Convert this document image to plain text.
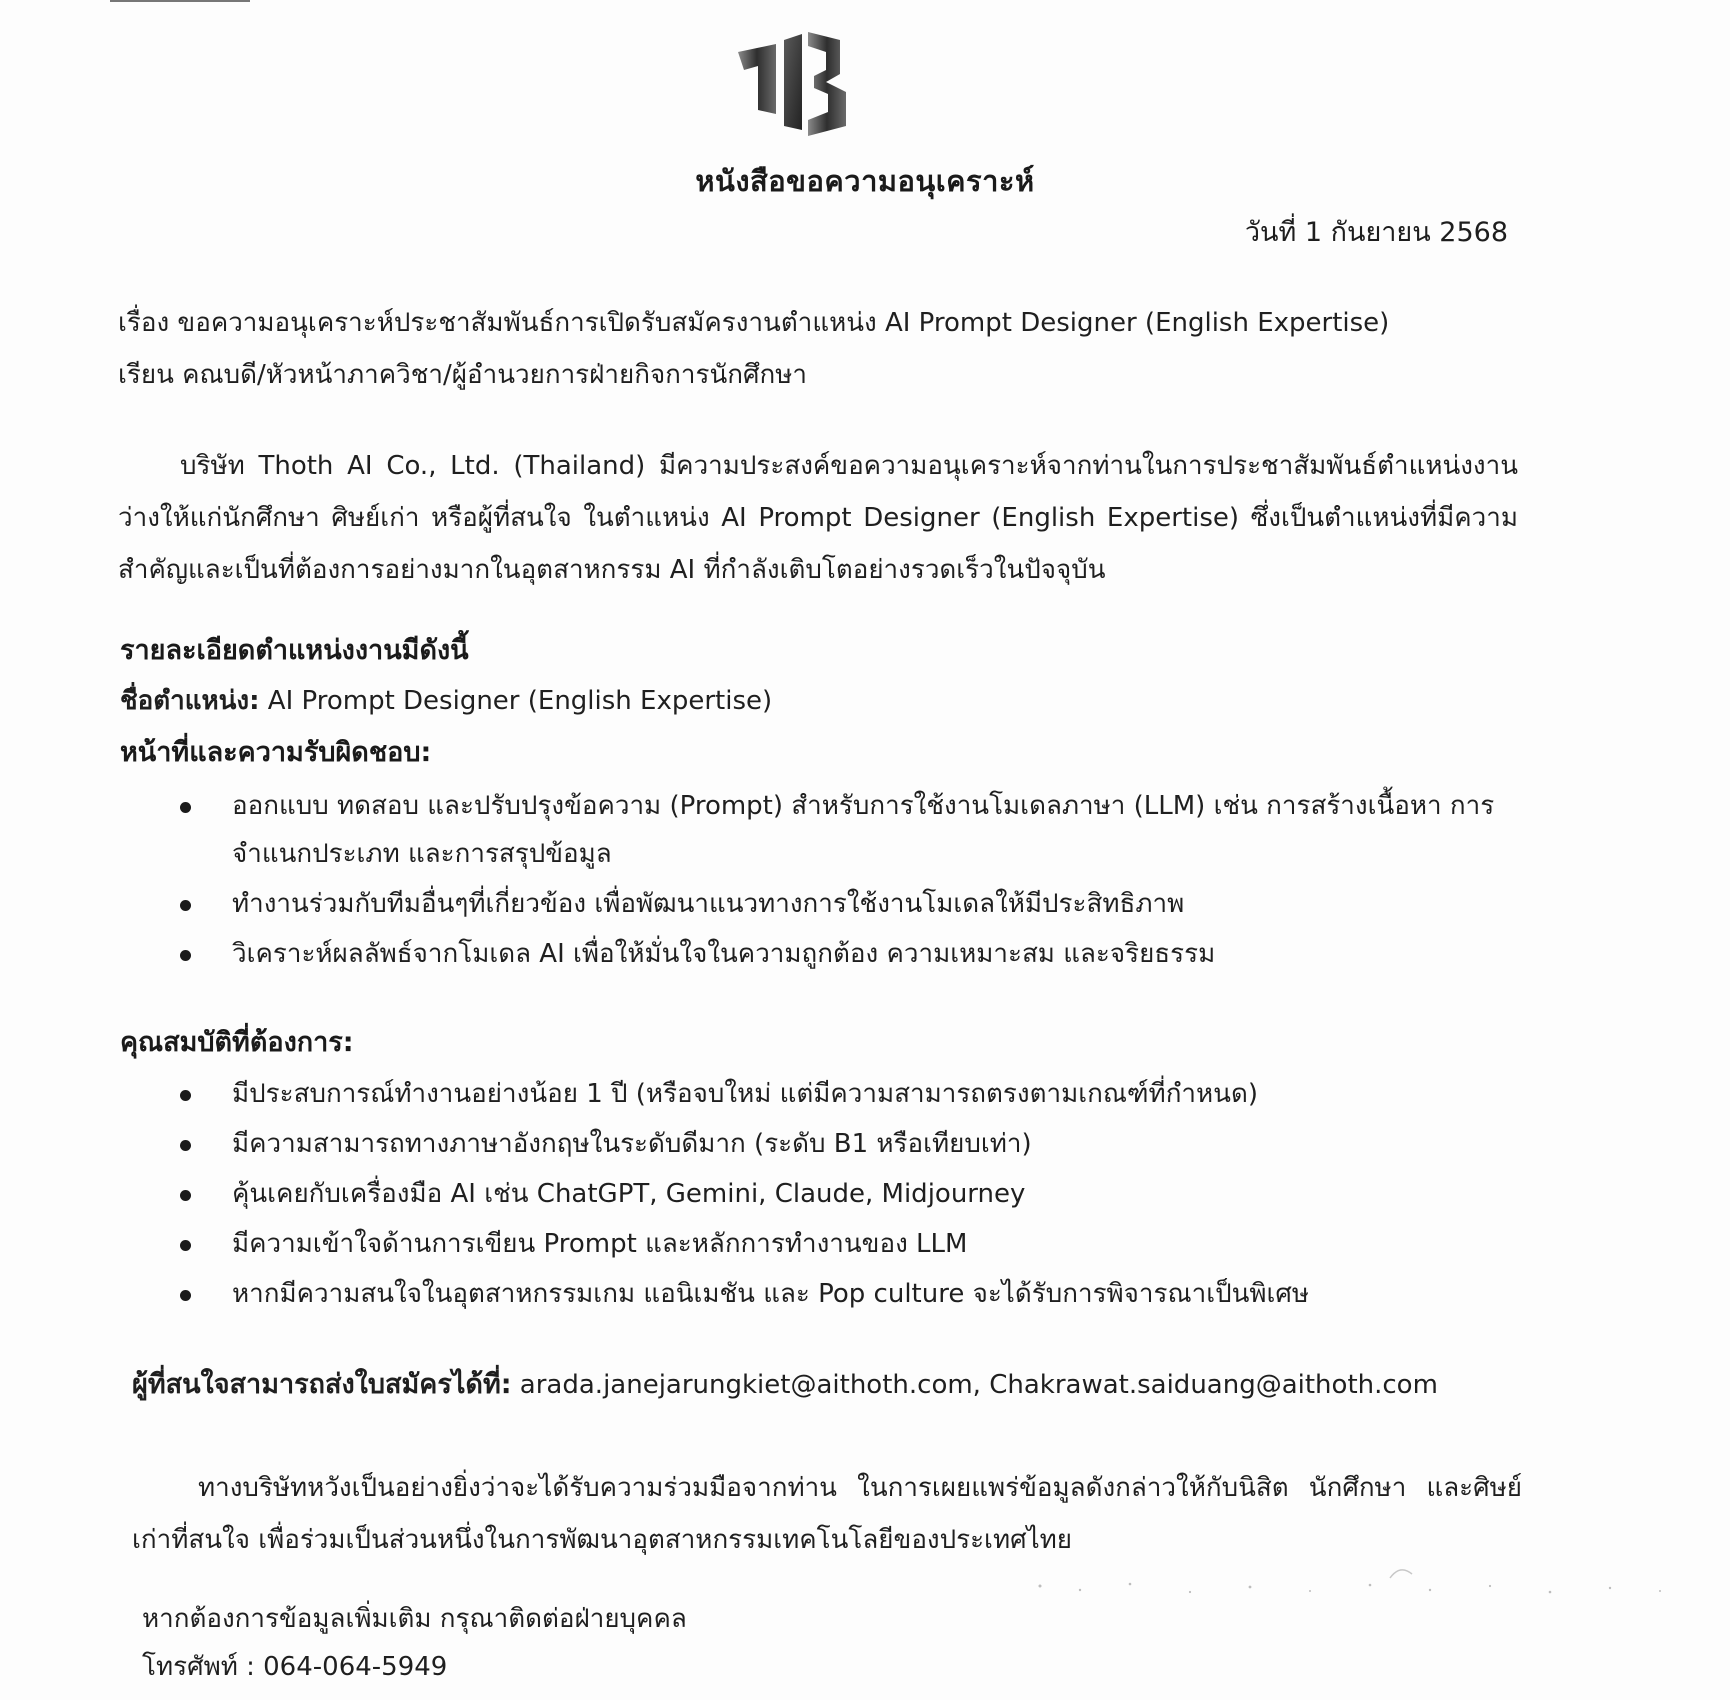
หนังสือขอความอนุเคราะห์
วันที่ 1 กันยายน 2568
เรื่อง ขอความอนุเคราะห์ประชาสัมพันธ์การเปิดรับสมัครงานตำแหน่ง AI Prompt Designer (English Expertise)
เรียน คณบดี/หัวหน้าภาควิชา/ผู้อำนวยการฝ่ายกิจการนักศึกษา

บริษัท Thoth AI Co., Ltd. (Thailand) มีความประสงค์ขอความอนุเคราะห์จากท่านในการประชาสัมพันธ์ตำแหน่งงานว่างให้แก่นักศึกษา ศิษย์เก่า หรือผู้ที่สนใจ ในตำแหน่ง AI Prompt Designer (English Expertise) ซึ่งเป็นตำแหน่งที่มีความสำคัญและเป็นที่ต้องการอย่างมากในอุตสาหกรรม AI ที่กำลังเติบโตอย่างรวดเร็วในปัจจุบัน

รายละเอียดตำแหน่งงานมีดังนี้
ชื่อตำแหน่ง: AI Prompt Designer (English Expertise)
หน้าที่และความรับผิดชอบ:
ออกแบบ ทดสอบ และปรับปรุงข้อความ (Prompt) สำหรับการใช้งานโมเดลภาษา (LLM) เช่น การสร้างเนื้อหา การจำแนกประเภท และการสรุปข้อมูล
ทำงานร่วมกับทีมอื่นๆที่เกี่ยวข้อง เพื่อพัฒนาแนวทางการใช้งานโมเดลให้มีประสิทธิภาพ
วิเคราะห์ผลลัพธ์จากโมเดล AI เพื่อให้มั่นใจในความถูกต้อง ความเหมาะสม และจริยธรรม
คุณสมบัติที่ต้องการ:
มีประสบการณ์ทำงานอย่างน้อย 1 ปี (หรือจบใหม่ แต่มีความสามารถตรงตามเกณฑ์ที่กำหนด)
มีความสามารถทางภาษาอังกฤษในระดับดีมาก (ระดับ B1 หรือเทียบเท่า)
คุ้นเคยกับเครื่องมือ AI เช่น ChatGPT, Gemini, Claude, Midjourney
มีความเข้าใจด้านการเขียน Prompt และหลักการทำงานของ LLM
หากมีความสนใจในอุตสาหกรรมเกม แอนิเมชัน และ Pop culture จะได้รับการพิจารณาเป็นพิเศษ
ผู้ที่สนใจสามารถส่งใบสมัครได้ที่: arada.janejarungkiet@aithoth.com, Chakrawat.saiduang@aithoth.com

ทางบริษัทหวังเป็นอย่างยิ่งว่าจะได้รับความร่วมมือจากท่าน ในการเผยแพร่ข้อมูลดังกล่าวให้กับนิสิต นักศึกษา และศิษย์เก่าที่สนใจ เพื่อร่วมเป็นส่วนหนึ่งในการพัฒนาอุตสาหกรรมเทคโนโลยีของประเทศไทย

หากต้องการข้อมูลเพิ่มเติม กรุณาติดต่อฝ่ายบุคคล
โทรศัพท์ : 064-064-5949
